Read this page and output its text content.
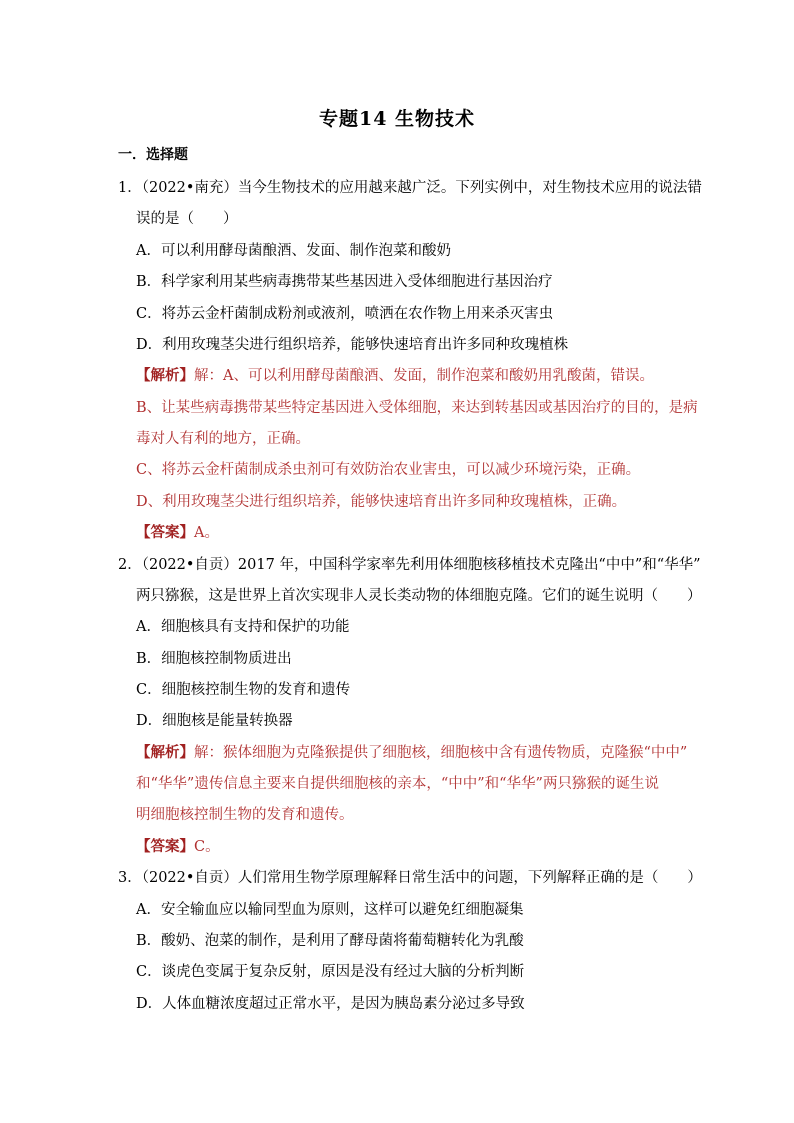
专题14 生物技术
一．选择题
1．（2022•南充）当今生物技术的应用越来越广泛。下列实例中，对生物技术应用的说法错
误的是（　　）
A．可以利用酵母菌酿酒、发面、制作泡菜和酸奶
B．科学家利用某些病毒携带某些基因进入受体细胞进行基因治疗
C．将苏云金杆菌制成粉剂或液剂，喷洒在农作物上用来杀灭害虫
D．利用玫瑰茎尖进行组织培养，能够快速培育出许多同种玫瑰植株
【解析】解：A、可以利用酵母菌酿酒、发面，制作泡菜和酸奶用乳酸菌，错误。
B、让某些病毒携带某些特定基因进入受体细胞，来达到转基因或基因治疗的目的，是病
毒对人有利的地方，正确。
C、将苏云金杆菌制成杀虫剂可有效防治农业害虫，可以减少环境污染，正确。
D、利用玫瑰茎尖进行组织培养，能够快速培育出许多同种玫瑰植株，正确。
【答案】A。
2．（2022•自贡）2017 年，中国科学家率先利用体细胞核移植技术克隆出“中中”和“华华”
两只猕猴，这是世界上首次实现非人灵长类动物的体细胞克隆。它们的诞生说明（　　）
A．细胞核具有支持和保护的功能
B．细胞核控制物质进出
C．细胞核控制生物的发育和遗传
D．细胞核是能量转换器
【解析】解：猴体细胞为克隆猴提供了细胞核，细胞核中含有遗传物质，克隆猴“中中”
和“华华”遗传信息主要来自提供细胞核的亲本，“中中”和“华华”两只猕猴的诞生说
明细胞核控制生物的发育和遗传。
【答案】C。
3．（2022•自贡）人们常用生物学原理解释日常生活中的问题，下列解释正确的是（　　）
A．安全输血应以输同型血为原则，这样可以避免红细胞凝集
B．酸奶、泡菜的制作，是利用了酵母菌将葡萄糖转化为乳酸
C．谈虎色变属于复杂反射，原因是没有经过大脑的分析判断
D．人体血糖浓度超过正常水平，是因为胰岛素分泌过多导致
